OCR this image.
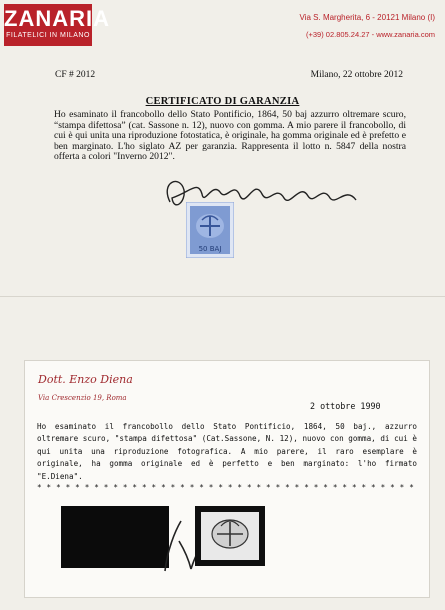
ZANARIA
FILATELICI IN MILANO
Via S. Margherita, 6 - 20121 Milano (I)
(+39) 02.805.24.27 - www.zanaria.com
CF # 2012	Milano, 22 ottobre 2012
CERTIFICATO DI GARANZIA
Ho esaminato il francobollo dello Stato Pontificio, 1864, 50 baj azzurro oltremare scuro, “stampa difettosa” (cat. Sassone n. 12), nuovo con gomma. A mio parere il francobollo, di cui è qui unita una riproduzione fotostatica, è originale, ha gomma originale ed è prefetto e ben marginato. L'ho siglato AZ per garanzia. Rappresenta il lotto n. 5847 della nostra offerta a colori "Inverno 2012".
50 BAJ
Dott. Enzo Diena
Via Crescenzio 19, Roma
2 ottobre 1990
Ho esaminato il francobollo dello Stato Pontificio, 1864, 50 baj., azzurro oltremare scuro, "stampa difettosa" (Cat.Sassone, N. 12), nuovo con gomma, di cui è qui unita una riproduzione fotografica. A mio parere, il raro esemplare è originale, ha gomma originale ed è perfetto e ben marginato: l'ho firmato "E.Diena".
* * * * * * * * * * * * * * * * * * * * * * * * * * * * * * * * * * * * * * * *
